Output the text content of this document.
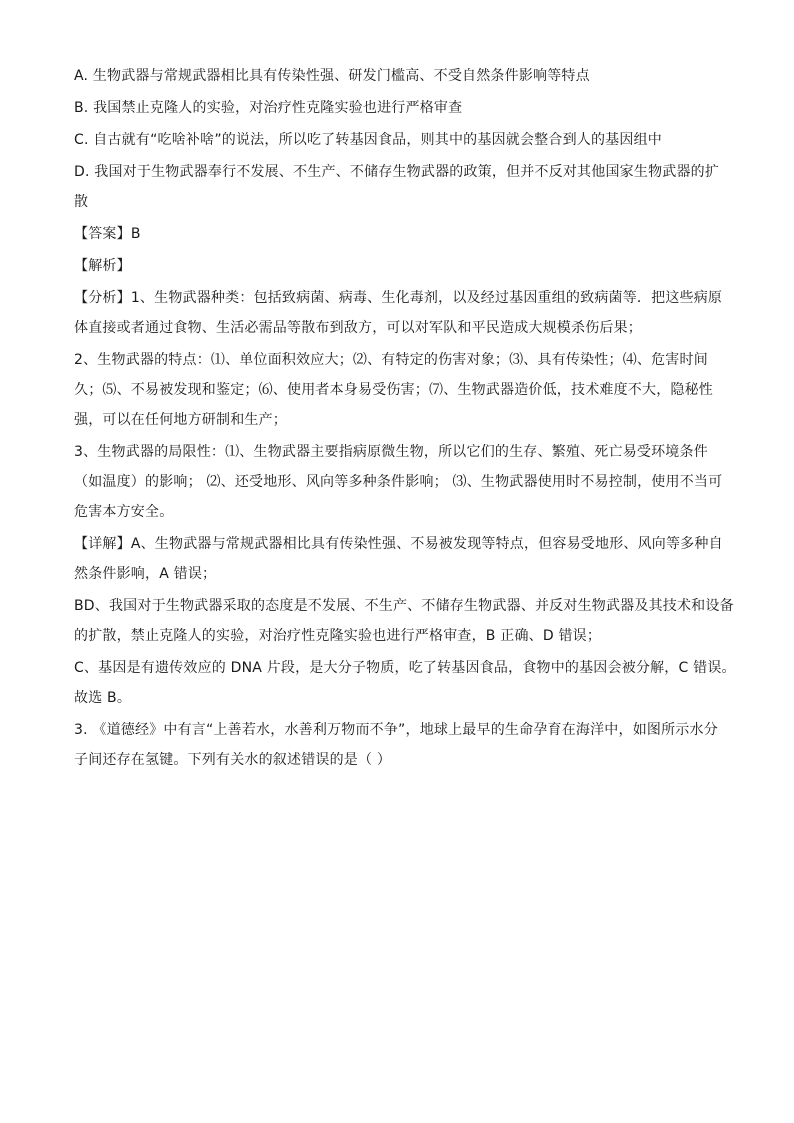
A. 生物武器与常规武器相比具有传染性强、研发门槛高、不受自然条件影响等特点
B. 我国禁止克隆人的实验，对治疗性克隆实验也进行严格审查
C. 自古就有“吃啥补啥”的说法，所以吃了转基因食品，则其中的基因就会整合到人的基因组中
D. 我国对于生物武器奉行不发展、不生产、不储存生物武器的政策，但并不反对其他国家生物武器的扩
散
【答案】B
【解析】
【分析】1、生物武器种类：包括致病菌、病毒、生化毒剂，以及经过基因重组的致病菌等．把这些病原
体直接或者通过食物、生活必需品等散布到敌方，可以对军队和平民造成大规模杀伤后果；
2、生物武器的特点：⑴、单位面积效应大；⑵、有特定的伤害对象；⑶、具有传染性；⑷、危害时间
久；⑸、不易被发现和鉴定；⑹、使用者本身易受伤害；⑺、生物武器造价低，技术难度不大，隐秘性
强，可以在任何地方研制和生产；
3、生物武器的局限性：⑴、生物武器主要指病原微生物，所以它们的生存、繁殖、死亡易受环境条件
（如温度）的影响； ⑵、还受地形、风向等多种条件影响； ⑶、生物武器使用时不易控制，使用不当可
危害本方安全。
【详解】A、生物武器与常规武器相比具有传染性强、不易被发现等特点，但容易受地形、风向等多种自
然条件影响，A 错误；
BD、我国对于生物武器采取的态度是不发展、不生产、不储存生物武器、并反对生物武器及其技术和设备
的扩散，禁止克隆人的实验，对治疗性克隆实验也进行严格审查，B 正确、D 错误；
C、基因是有遗传效应的 DNA 片段，是大分子物质，吃了转基因食品，食物中的基因会被分解，C 错误。
故选 B。
3. 《道德经》中有言“上善若水，水善利万物而不争”，地球上最早的生命孕育在海洋中，如图所示水分
子间还存在氢键。下列有关水的叙述错误的是（ ）
